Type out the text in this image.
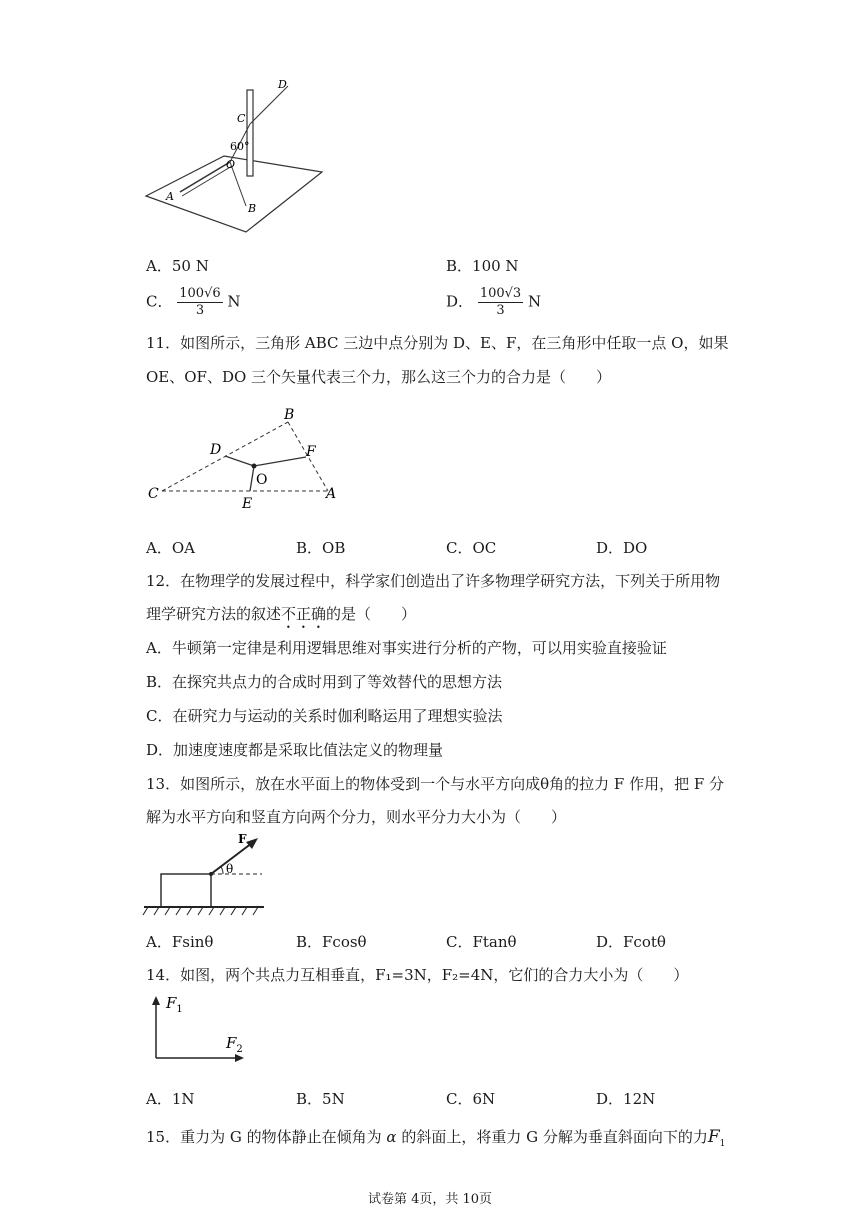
D
C
60°
O
A
B
A．50 N	B．100 N
C． $\frac{100√6}{3}$ N	D． $\frac{100√3}{3}$ N
11．如图所示，三角形 ABC 三边中点分别为 D、E、F，在三角形中任取一点 O，如果
OE、OF、DO 三个矢量代表三个力，那么这三个力的合力是（　　）
B
D	F
O
C
E
A
A．OA	B．OB	C．OC	D．DO
12．在物理学的发展过程中，科学家们创造出了许多物理学研究方法，下列关于所用物
理学研究方法的叙述不正确的是（　　）
A．牛顿第一定律是利用逻辑思维对事实进行分析的产物，可以用实验直接验证
B．在探究共点力的合成时用到了等效替代的思想方法
C．在研究力与运动的关系时伽利略运用了理想实验法
D．加速度速度都是采取比值法定义的物理量
13．如图所示，放在水平面上的物体受到一个与水平方向成θ角的拉力 F 作用，把 F 分
解为水平方向和竖直方向两个分力，则水平分力大小为（　　）
F
θ
A．Fsinθ	B．Fcosθ	C．Ftanθ	D．Fcotθ
14．如图，两个共点力互相垂直，F₁=3N，F₂=4N，它们的合力大小为（　　）
$F_1$
$F_2$
A．1N	B．5N	C．6N	D．12N
15．重力为 G 的物体静止在倾角为 α 的斜面上，将重力 G 分解为垂直斜面向下的力$F_1$
试卷第 4页，共 10页
